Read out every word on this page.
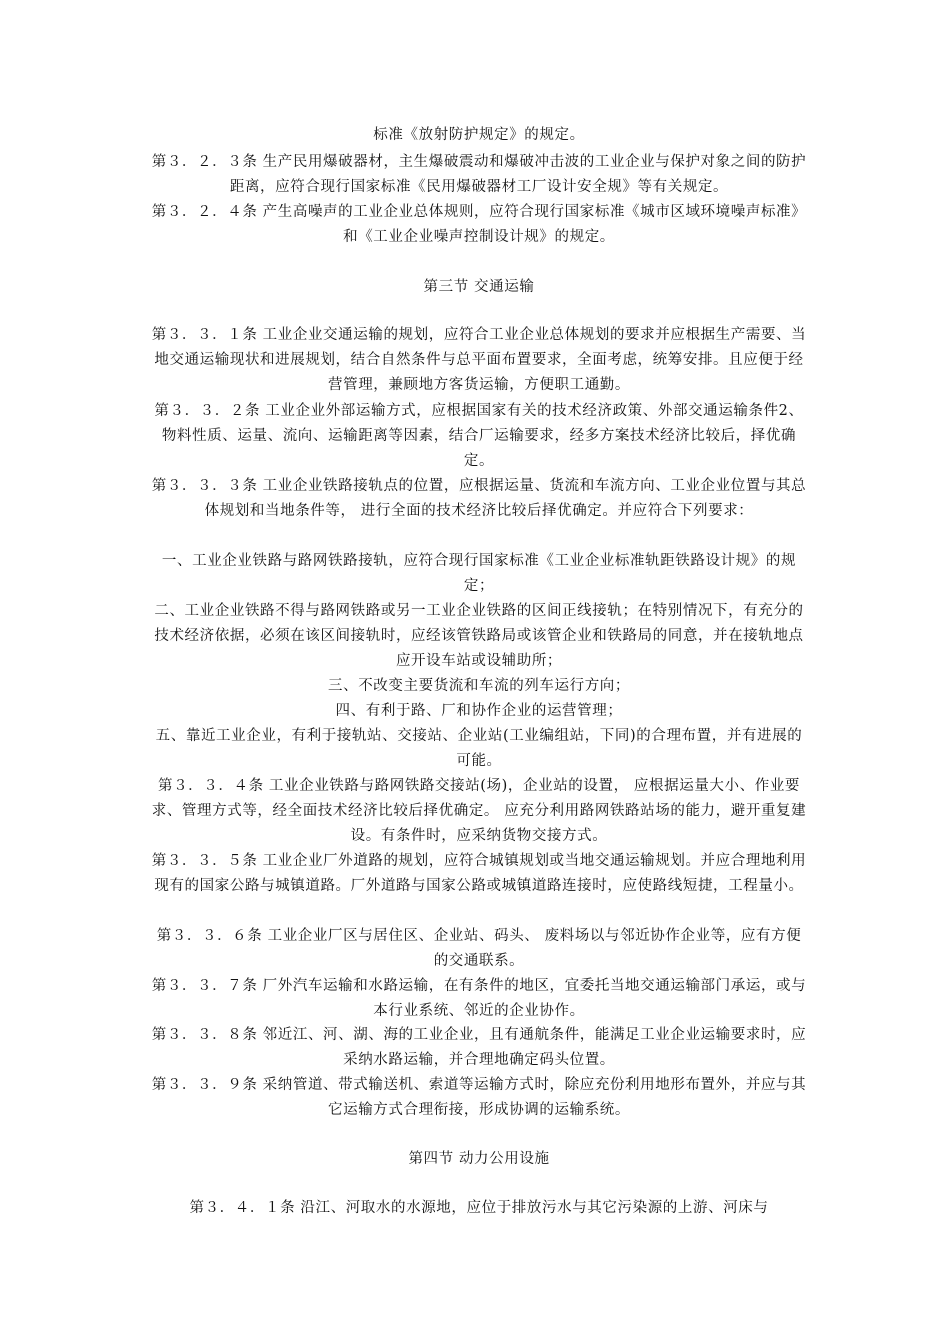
标准《放射防护规定》的规定。

第３．２．３条 生产民用爆破器材，主生爆破震动和爆破冲击波的工业企业与保护对象之间的防护距离，应符合现行国家标准《民用爆破器材工厂设计安全规》等有关规定。

第３．２．４条 产生高噪声的工业企业总体规则，应符合现行国家标准《城市区域环境噪声标准》和《工业企业噪声控制设计规》的规定。

第三节 交通运输

第３．３．１条 工业企业交通运输的规划，应符合工业企业总体规划的要求并应根据生产需要、当地交通运输现状和进展规划，结合自然条件与总平面布置要求，全面考虑，统筹安排。且应便于经营管理，兼顾地方客货运输，方便职工通勤。

第３．３．２条 工业企业外部运输方式，应根据国家有关的技术经济政策、外部交通运输条件2、物料性质、运量、流向、运输距离等因素，结合厂运输要求，经多方案技术经济比较后，择优确定。

第３．３．３条 工业企业铁路接轨点的位置，应根据运量、货流和车流方向、工业企业位置与其总体规划和当地条件等， 进行全面的技术经济比较后择优确定。并应符合下列要求：

一、工业企业铁路与路网铁路接轨，应符合现行国家标准《工业企业标准轨距铁路设计规》的规定；

二、工业企业铁路不得与路网铁路或另一工业企业铁路的区间正线接轨；在特别情况下，有充分的技术经济依据，必须在该区间接轨时，应经该管铁路局或该管企业和铁路局的同意，并在接轨地点应开设车站或设辅助所；

三、不改变主要货流和车流的列车运行方向；

四、有利于路、厂和协作企业的运营管理；

五、靠近工业企业，有利于接轨站、交接站、企业站(工业编组站，下同)的合理布置，并有进展的可能。

第３．３．４条 工业企业铁路与路网铁路交接站(场)，企业站的设置， 应根据运量大小、作业要求、管理方式等，经全面技术经济比较后择优确定。 应充分利用路网铁路站场的能力，避开重复建设。有条件时，应采纳货物交接方式。

第３．３．５条 工业企业厂外道路的规划，应符合城镇规划或当地交通运输规划。并应合理地利用现有的国家公路与城镇道路。厂外道路与国家公路或城镇道路连接时，应使路线短捷，工程量小。

第３．３．６条 工业企业厂区与居住区、企业站、码头、 废料场以与邻近协作企业等，应有方便的交通联系。

第３．３．７条 厂外汽车运输和水路运输，在有条件的地区，宜委托当地交通运输部门承运，或与本行业系统、邻近的企业协作。

第３．３．８条 邻近江、河、湖、海的工业企业，且有通航条件，能满足工业企业运输要求时，应采纳水路运输，并合理地确定码头位置。

第３．３．９条 采纳管道、带式输送机、索道等运输方式时，除应充份利用地形布置外，并应与其它运输方式合理衔接，形成协调的运输系统。

第四节 动力公用设施

第３．４．１条 沿江、河取水的水源地，应位于排放污水与其它污染源的上游、河床与
